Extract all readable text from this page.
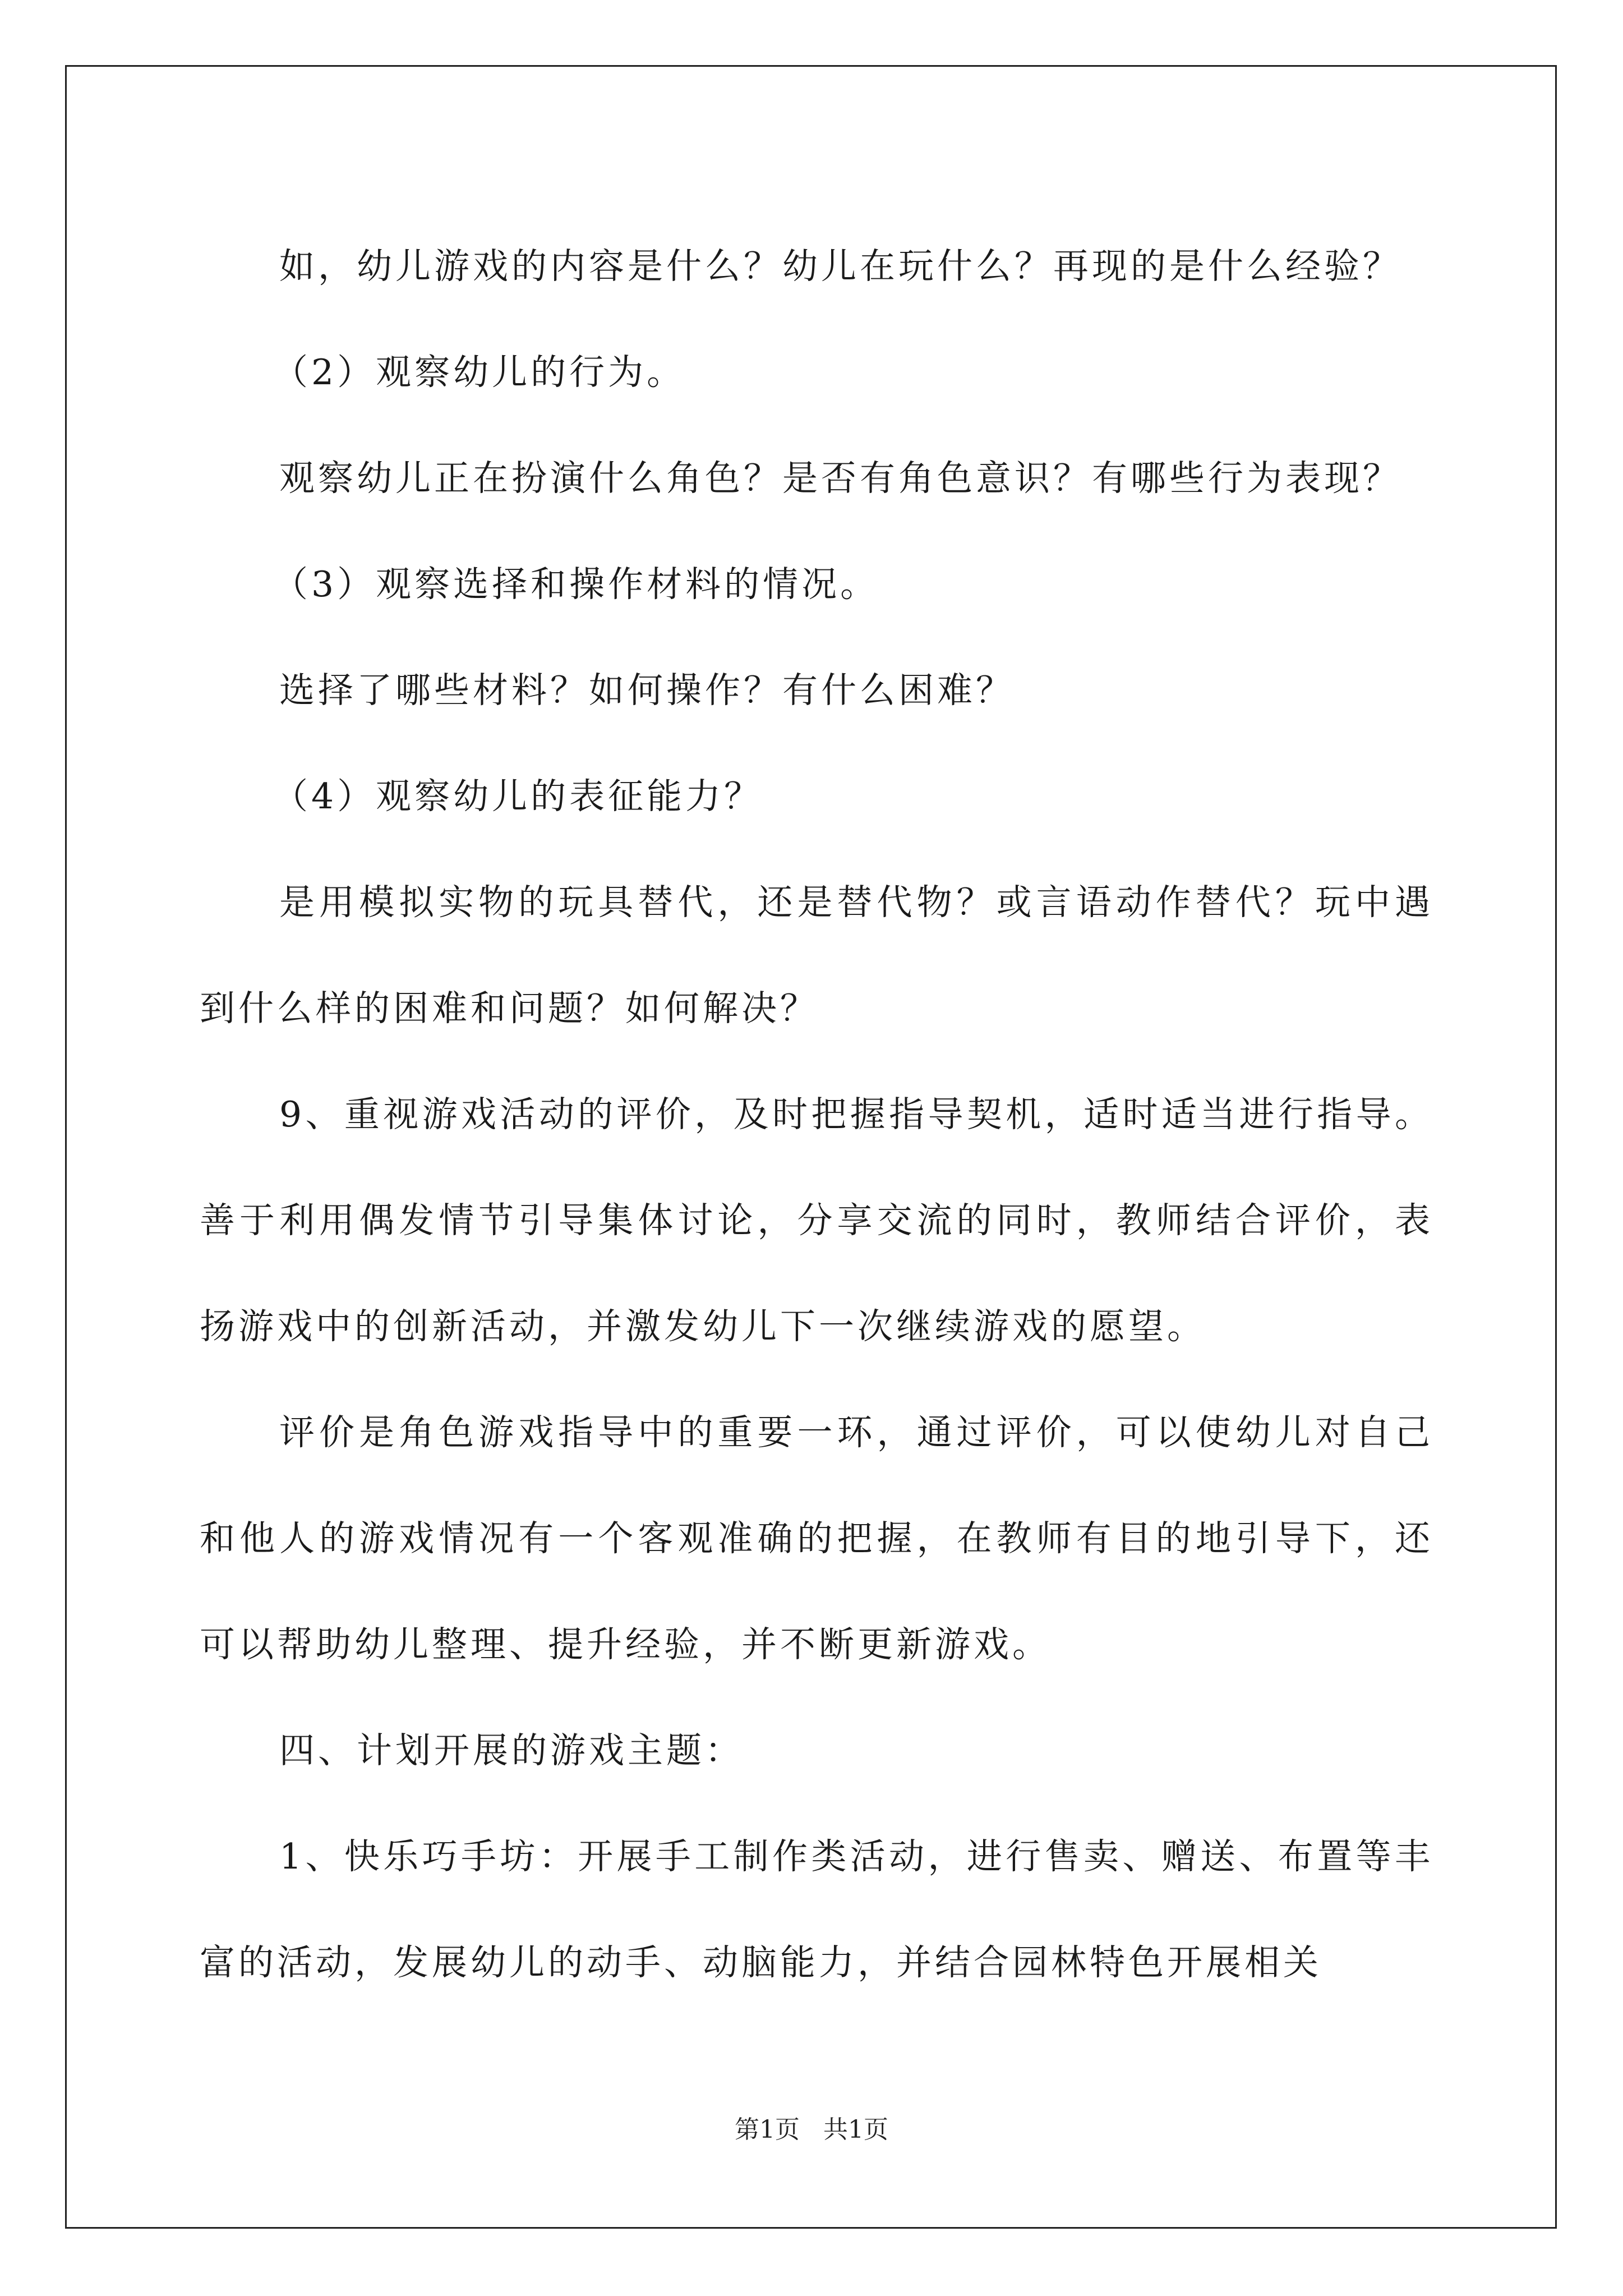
如，幼儿游戏的内容是什么？幼儿在玩什么？再现的是什么经验？

（2）观察幼儿的行为。

观察幼儿正在扮演什么角色？是否有角色意识？有哪些行为表现？

（3）观察选择和操作材料的情况。

选择了哪些材料？如何操作？有什么困难？

（4）观察幼儿的表征能力？

是用模拟实物的玩具替代，还是替代物？或言语动作替代？玩中遇到什么样的困难和问题？如何解决？

9、重视游戏活动的评价，及时把握指导契机，适时适当进行指导。善于利用偶发情节引导集体讨论，分享交流的同时，教师结合评价，表扬游戏中的创新活动，并激发幼儿下一次继续游戏的愿望。

评价是角色游戏指导中的重要一环，通过评价，可以使幼儿对自己和他人的游戏情况有一个客观准确的把握，在教师有目的地引导下，还可以帮助幼儿整理、提升经验，并不断更新游戏。

四、计划开展的游戏主题：

1、快乐巧手坊：开展手工制作类活动，进行售卖、赠送、布置等丰富的活动，发展幼儿的动手、动脑能力，并结合园林特色开展相关

第1页 共1页
